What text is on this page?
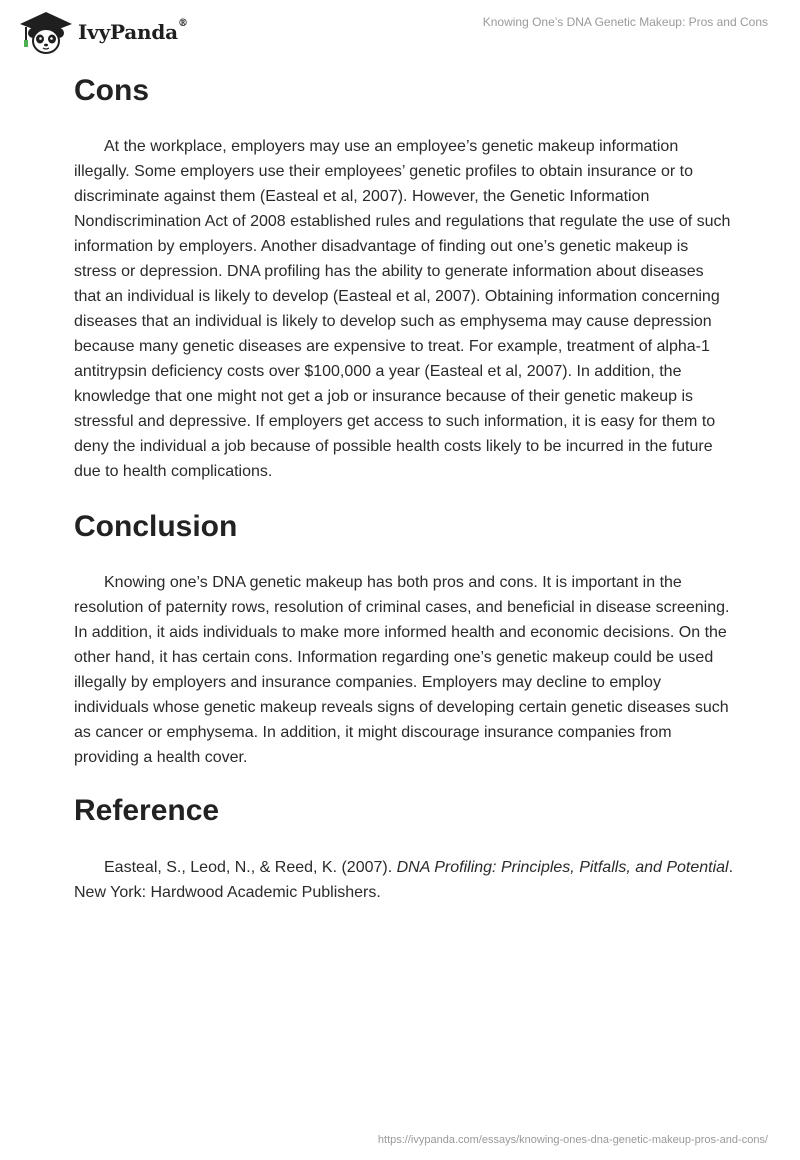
IvyPanda®	Knowing One’s DNA Genetic Makeup: Pros and Cons
Cons

At the workplace, employers may use an employee’s genetic makeup information illegally. Some employers use their employees’ genetic profiles to obtain insurance or to discriminate against them (Easteal et al, 2007). However, the Genetic Information Nondiscrimination Act of 2008 established rules and regulations that regulate the use of such information by employers. Another disadvantage of finding out one’s genetic makeup is stress or depression. DNA profiling has the ability to generate information about diseases that an individual is likely to develop (Easteal et al, 2007). Obtaining information concerning diseases that an individual is likely to develop such as emphysema may cause depression because many genetic diseases are expensive to treat. For example, treatment of alpha-1 antitrypsin deficiency costs over $100,000 a year (Easteal et al, 2007). In addition, the knowledge that one might not get a job or insurance because of their genetic makeup is stressful and depressive. If employers get access to such information, it is easy for them to deny the individual a job because of possible health costs likely to be incurred in the future due to health complications.

Conclusion

Knowing one’s DNA genetic makeup has both pros and cons. It is important in the resolution of paternity rows, resolution of criminal cases, and beneficial in disease screening. In addition, it aids individuals to make more informed health and economic decisions. On the other hand, it has certain cons. Information regarding one’s genetic makeup could be used illegally by employers and insurance companies. Employers may decline to employ individuals whose genetic makeup reveals signs of developing certain genetic diseases such as cancer or emphysema. In addition, it might discourage insurance companies from providing a health cover.

Reference

Easteal, S., Leod, N., & Reed, K. (2007). DNA Profiling: Principles, Pitfalls, and Potential. New York: Hardwood Academic Publishers.

https://ivypanda.com/essays/knowing-ones-dna-genetic-makeup-pros-and-cons/
